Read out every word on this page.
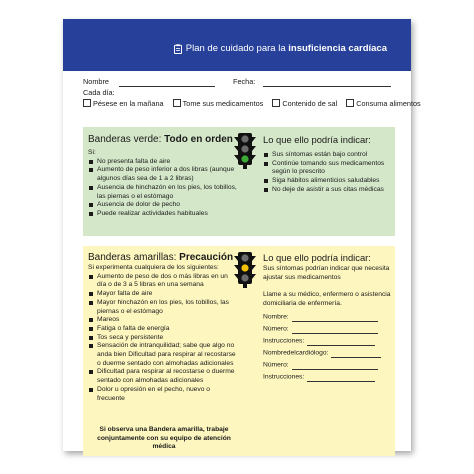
Plan de cuidado para la insuficiencia cardíaca
Nombre	Fecha:
Cada día:
Pésese en la mañana	Tome sus medicamentos	Contenido de sal	Consuma alimentos
Banderas verde: Todo en orden

Si:

No presenta falta de aire
Aumento de peso inferior a dos libras (aunque algunos días sea de 1 a 2 libras)
Ausencia de hinchazón en los pies, los tobillos, las piernas o el estómago
Ausencia de dolor de pecho
Puede realizar actividades habituales
Lo que ello podría indicar:
Sus síntomas están bajo control
Continúe tomando sus medicamentos según lo prescrito
Siga hábitos alimenticios saludables
No deje de asistir a sus citas médicas
Banderas amarillas: Precaución

Si experimenta cualquiera de los siguientes:

Aumento de peso de dos o más libras en un día o de 3 a 5 libras en una semana
Mayor falta de aire
Mayor hinchazón en los pies, los tobillos, las piernas o el estómago
Mareos
Fatiga o falta de energía
Tos seca y persistente
Sensación de intranquilidad; sabe que algo no anda bien Dificultad para respirar al recostarse o duerme sentado con almohadas adicionales
Dificultad para respirar al recostarse o duerme sentado con almohadas adicionales
Dolor u opresión en el pecho, nuevo o frecuente
Si observa una Bandera amarilla, trabaje conjuntamente con su equipo de atención médica
Lo que ello podría indicar:

Sus síntomas podrían indicar que necesita ajustar sus medicamentos

Llame a su médico, enfermero o asistencia domiciliaria de enfermería.

Nombre:
Número:
Instrucciones:
Nombredelcardiólogo:
Número:
Instrucciones:
